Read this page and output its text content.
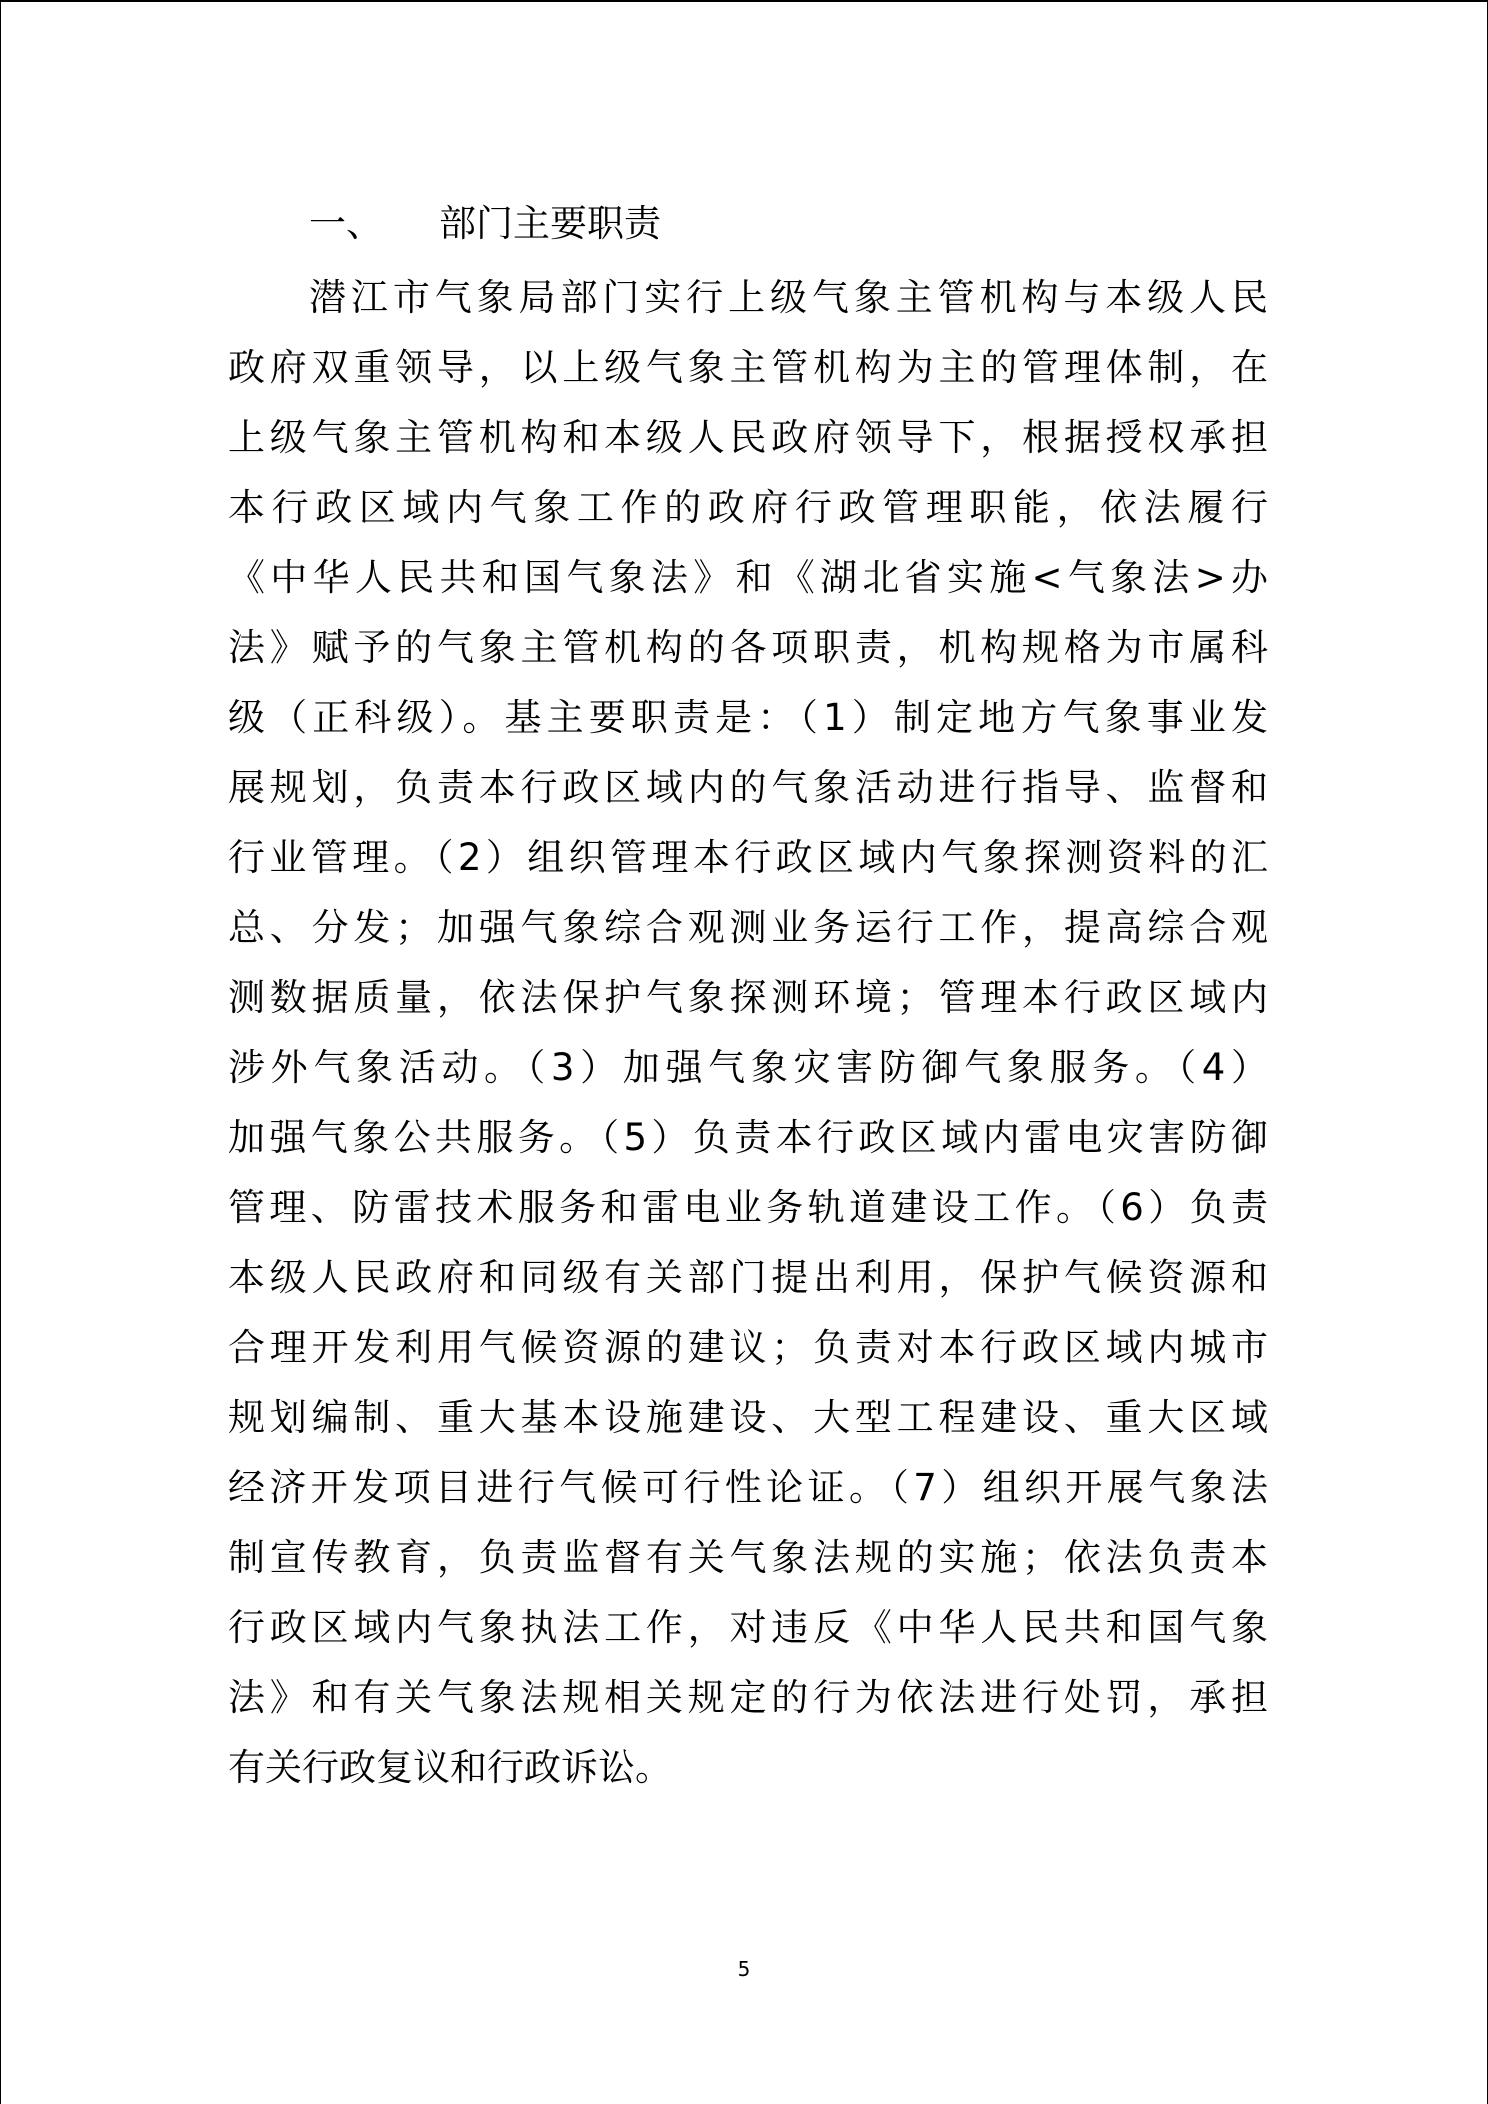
一、 部门主要职责
潜江市气象局部门实行上级气象主管机构与本级人民
政府双重领导，以上级气象主管机构为主的管理体制，在
上级气象主管机构和本级人民政府领导下，根据授权承担
本行政区域内气象工作的政府行政管理职能，依法履行
《中华人民共和国气象法》和《湖北省实施<气象法>办
法》赋予的气象主管机构的各项职责，机构规格为市属科
级（正科级）。基主要职责是：（1）制定地方气象事业发
展规划，负责本行政区域内的气象活动进行指导、监督和
行业管理。（2）组织管理本行政区域内气象探测资料的汇
总、分发；加强气象综合观测业务运行工作，提高综合观
测数据质量，依法保护气象探测环境；管理本行政区域内
涉外气象活动。（3）加强气象灾害防御气象服务。（4）
加强气象公共服务。（5）负责本行政区域内雷电灾害防御
管理、防雷技术服务和雷电业务轨道建设工作。（6）负责
本级人民政府和同级有关部门提出利用，保护气候资源和
合理开发利用气候资源的建议；负责对本行政区域内城市
规划编制、重大基本设施建设、大型工程建设、重大区域
经济开发项目进行气候可行性论证。（7）组织开展气象法
制宣传教育，负责监督有关气象法规的实施；依法负责本
行政区域内气象执法工作，对违反《中华人民共和国气象
法》和有关气象法规相关规定的行为依法进行处罚，承担
有关行政复议和行政诉讼。
5
